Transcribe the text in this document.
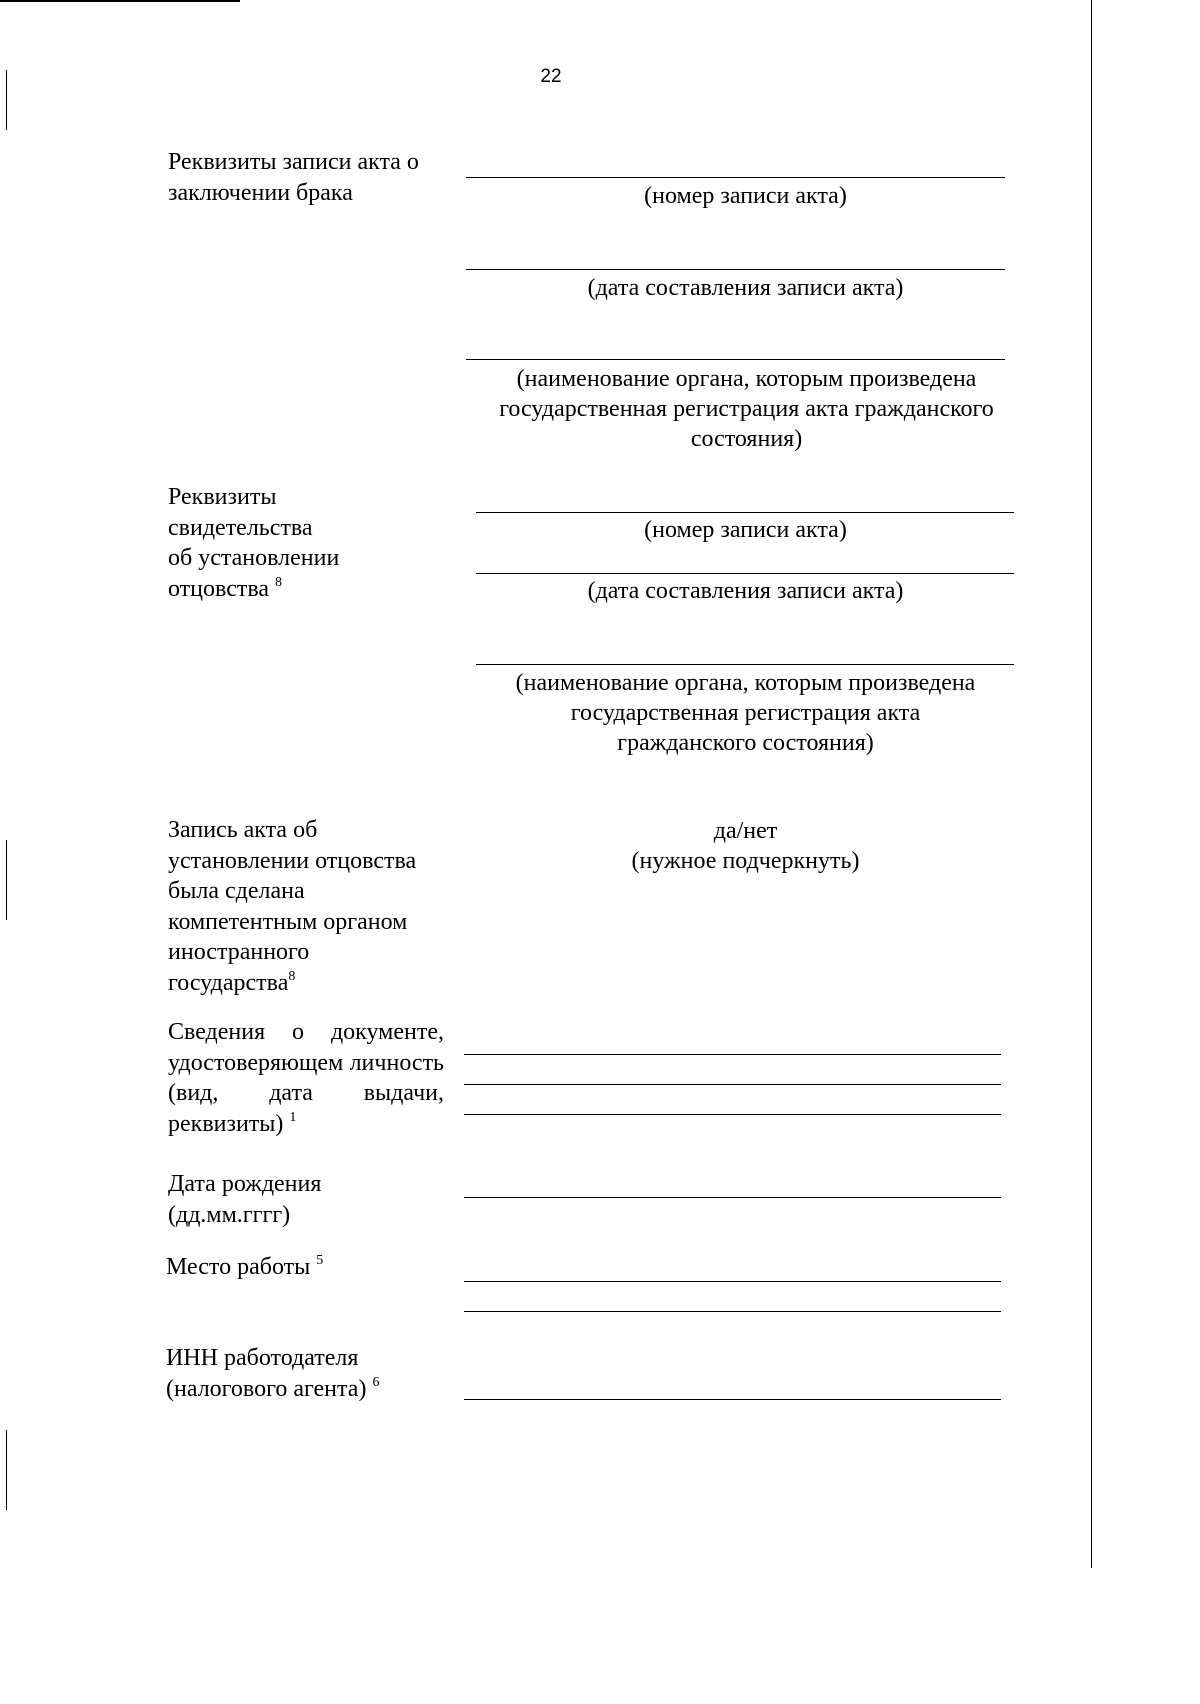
22
Реквизиты записи акта о заключении брака	(номер записи акта)
(дата составления записи акта)
(наименование органа, которым произведена государственная регистрация акта гражданского состояния)
Реквизиты
свидетельства
об установлении
отцовства $^8$
(номер записи акта)
(дата составления записи акта)
(наименование органа, которым произведена
государственная регистрация акта
гражданского состояния)
Запись акта об
установлении отцовства
была сделана
компетентным органом
иностранного
государства$^8$
да/нет
(нужное подчеркнуть)
Сведения о документе, удостоверяющем личность (вид, дата выдачи, реквизиты) $^1$
Дата рождения
(дд.мм.гггг)
Место работы $^5$
ИНН работодателя
(налогового агента) $^6$
